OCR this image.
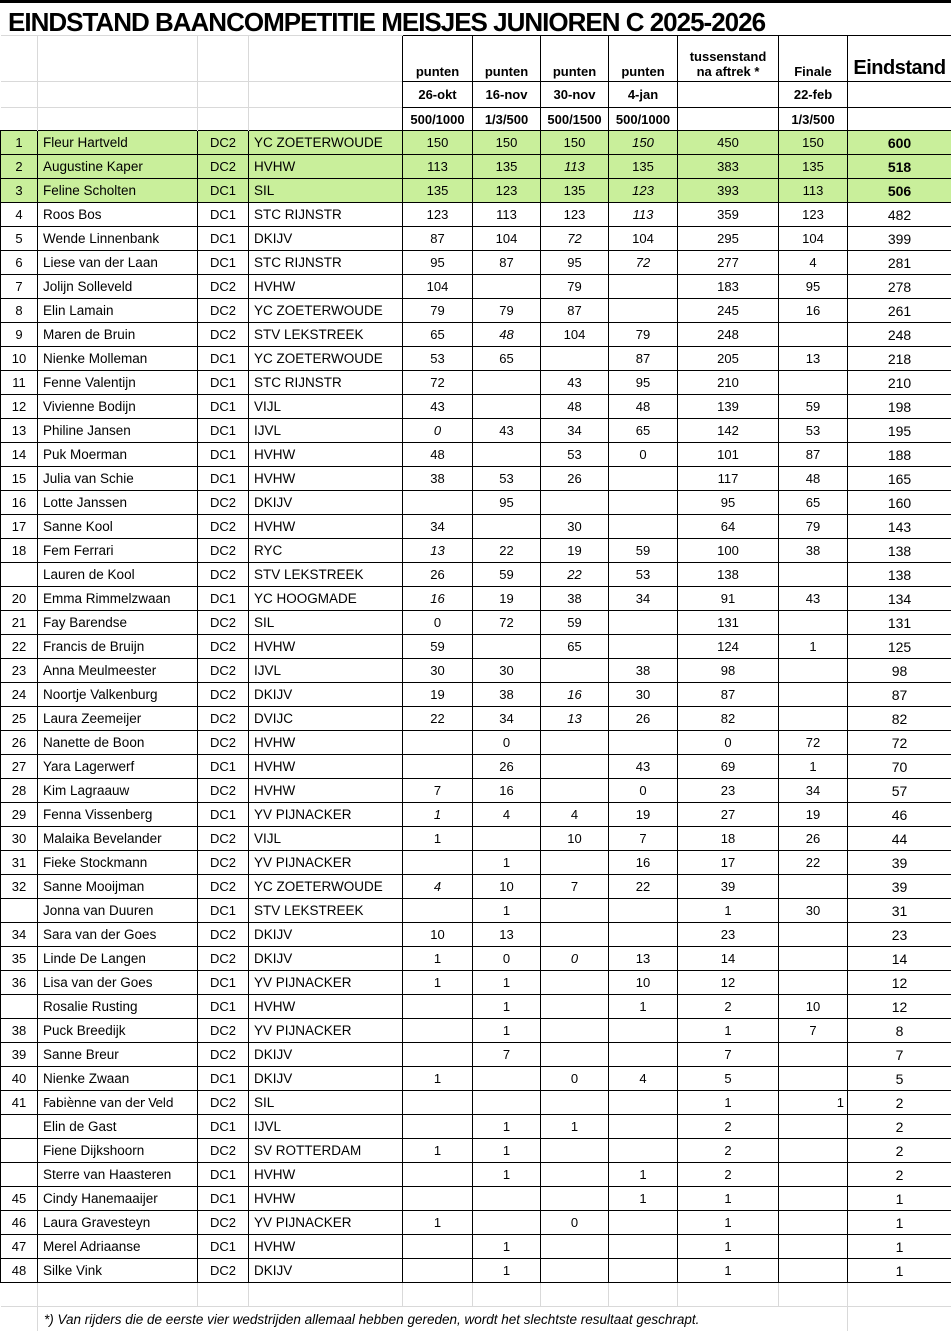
EINDSTAND BAANCOMPETITIE MEISJES JUNIOREN C 2025-2026
				punten	punten	punten	punten	tussenstand
na aftrek *	Finale	Eindstand
				26-okt	16-nov	30-nov	4-jan		22-feb	
				500/1000	1/3/500	500/1500	500/1000		1/3/500	
1	Fleur Hartveld	DC2	YC ZOETERWOUDE	150	150	150	150	450	150	600
2	Augustine Kaper	DC2	HVHW	113	135	113	135	383	135	518
3	Feline Scholten	DC1	SIL	135	123	135	123	393	113	506
4	Roos Bos	DC1	STC RIJNSTR	123	113	123	113	359	123	482
5	Wende Linnenbank	DC1	DKIJV	87	104	72	104	295	104	399
6	Liese van der Laan	DC1	STC RIJNSTR	95	87	95	72	277	4	281
7	Jolijn Solleveld	DC2	HVHW	104		79		183	95	278
8	Elin Lamain	DC2	YC ZOETERWOUDE	79	79	87		245	16	261
9	Maren de Bruin	DC2	STV LEKSTREEK	65	48	104	79	248		248
10	Nienke Molleman	DC1	YC ZOETERWOUDE	53	65		87	205	13	218
11	Fenne Valentijn	DC1	STC RIJNSTR	72		43	95	210		210
12	Vivienne Bodijn	DC1	VIJL	43		48	48	139	59	198
13	Philine Jansen	DC1	IJVL	0	43	34	65	142	53	195
14	Puk Moerman	DC1	HVHW	48		53	0	101	87	188
15	Julia van Schie	DC1	HVHW	38	53	26		117	48	165
16	Lotte Janssen	DC2	DKIJV		95			95	65	160
17	Sanne Kool	DC2	HVHW	34		30		64	79	143
18	Fem Ferrari	DC2	RYC	13	22	19	59	100	38	138
	Lauren de Kool	DC2	STV LEKSTREEK	26	59	22	53	138		138
20	Emma Rimmelzwaan	DC1	YC HOOGMADE	16	19	38	34	91	43	134
21	Fay Barendse	DC2	SIL	0	72	59		131		131
22	Francis de Bruijn	DC2	HVHW	59		65		124	1	125
23	Anna Meulmeester	DC2	IJVL	30	30		38	98		98
24	Noortje Valkenburg	DC2	DKIJV	19	38	16	30	87		87
25	Laura Zeemeijer	DC2	DVIJC	22	34	13	26	82		82
26	Nanette de Boon	DC2	HVHW		0			0	72	72
27	Yara Lagerwerf	DC1	HVHW		26		43	69	1	70
28	Kim Lagraauw	DC2	HVHW	7	16		0	23	34	57
29	Fenna Vissenberg	DC1	YV PIJNACKER	1	4	4	19	27	19	46
30	Malaika Bevelander	DC2	VIJL	1		10	7	18	26	44
31	Fieke Stockmann	DC2	YV PIJNACKER		1		16	17	22	39
32	Sanne Mooijman	DC2	YC ZOETERWOUDE	4	10	7	22	39		39
	Jonna van Duuren	DC1	STV LEKSTREEK		1			1	30	31
34	Sara van der Goes	DC2	DKIJV	10	13			23		23
35	Linde De Langen	DC2	DKIJV	1	0	0	13	14		14
36	Lisa van der Goes	DC1	YV PIJNACKER	1	1		10	12		12
	Rosalie Rusting	DC1	HVHW		1		1	2	10	12
38	Puck Breedijk	DC2	YV PIJNACKER		1			1	7	8
39	Sanne Breur	DC2	DKIJV		7			7		7
40	Nienke Zwaan	DC1	DKIJV	1		0	4	5		5
41	Fabiènne van der Veld	DC2	SIL					1	1	2
	Elin de Gast	DC1	IJVL		1	1		2		2
	Fiene Dijkshoorn	DC2	SV ROTTERDAM	1	1			2		2
	Sterre van Haasteren	DC1	HVHW		1		1	2		2
45	Cindy Hanemaaijer	DC1	HVHW				1	1		1
46	Laura Gravesteyn	DC2	YV PIJNACKER	1		0		1		1
47	Merel Adriaanse	DC1	HVHW		1			1		1
48	Silke Vink	DC2	DKIJV		1			1		1

	*) Van rijders die de eerste vier wedstrijden allemaal hebben gereden, wordt het slechtste resultaat geschrapt.									
